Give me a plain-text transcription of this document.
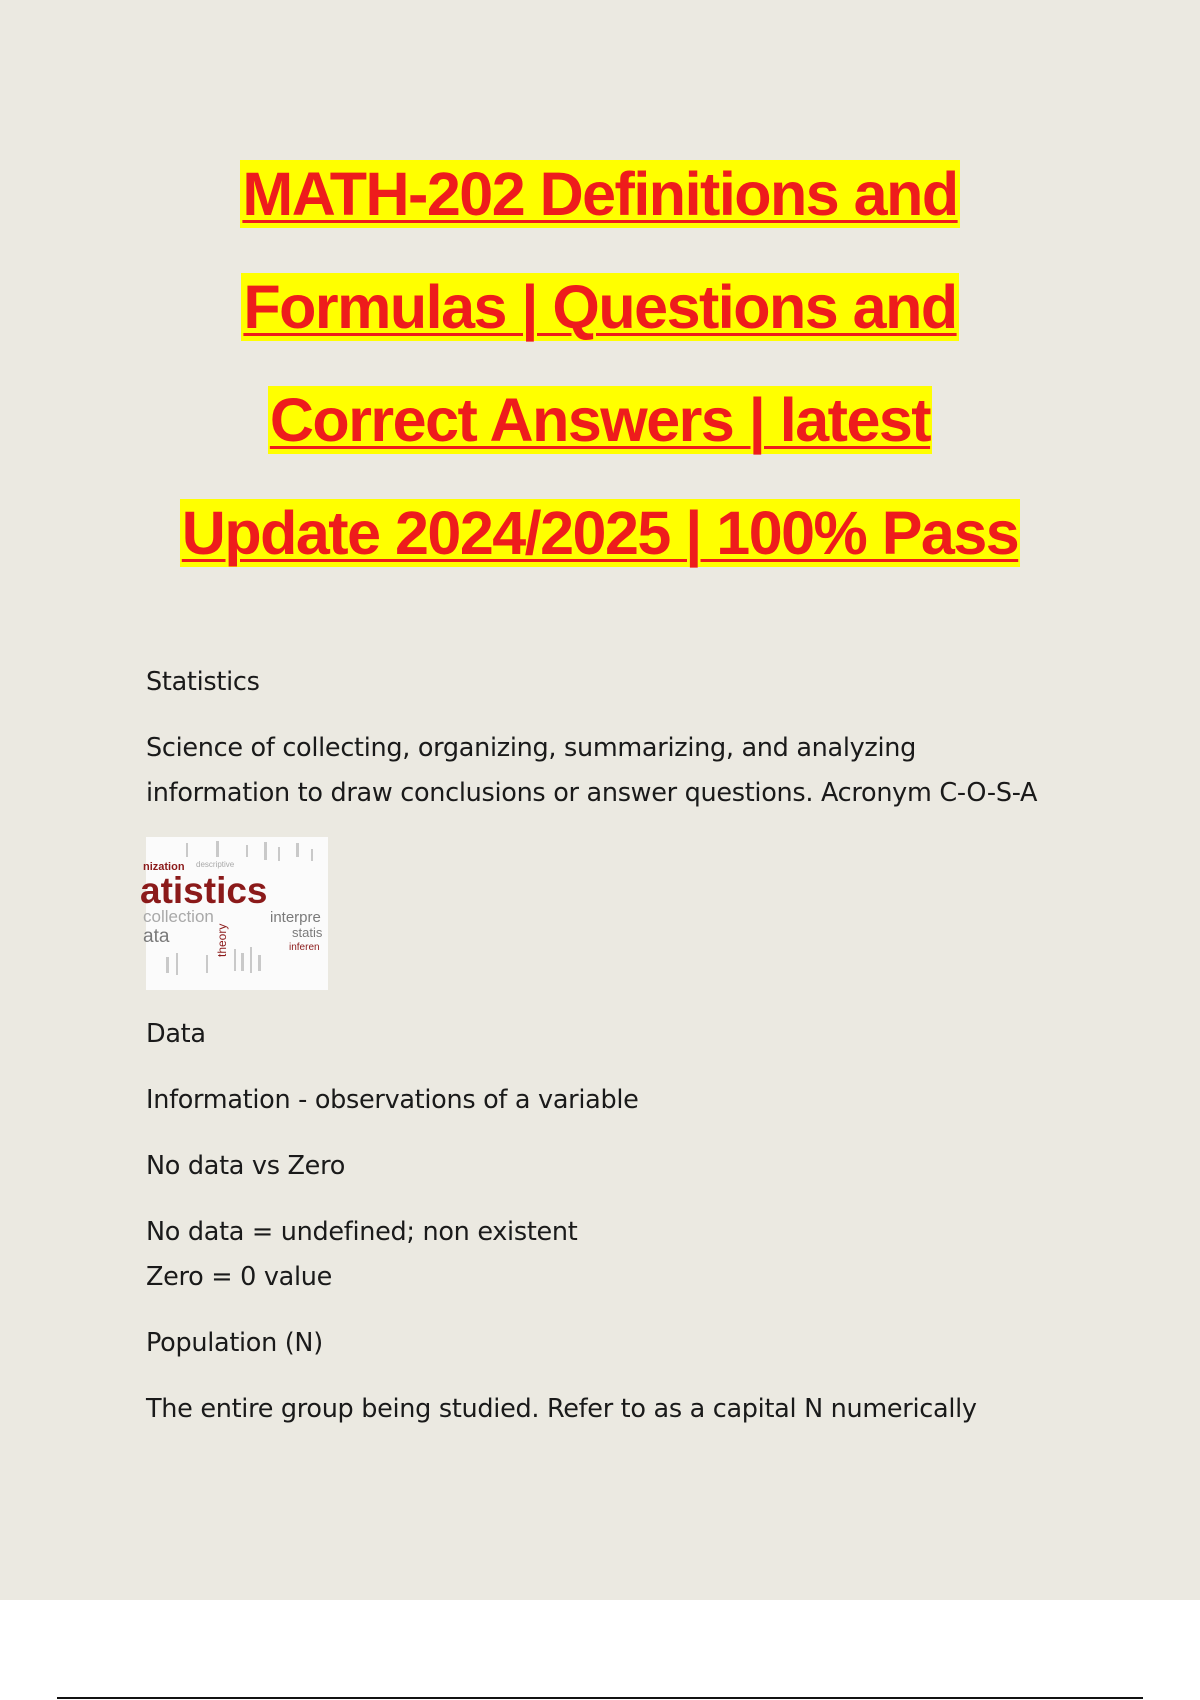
MATH-202 Definitions and
Formulas | Questions and
Correct Answers | latest
Update 2024/2025 | 100% Pass

Statistics

Science of collecting, organizing, summarizing, and analyzing
information to draw conclusions or answer questions. Acronym C-O-S-A

Data

Information - observations of a variable

No data vs Zero

No data = undefined; non existent
Zero = 0 value

Population (N)

The entire group being studied. Refer to as a capital N numerically

nization descriptive
atistics
collection	interpre
ata	theory	statis
inferen
